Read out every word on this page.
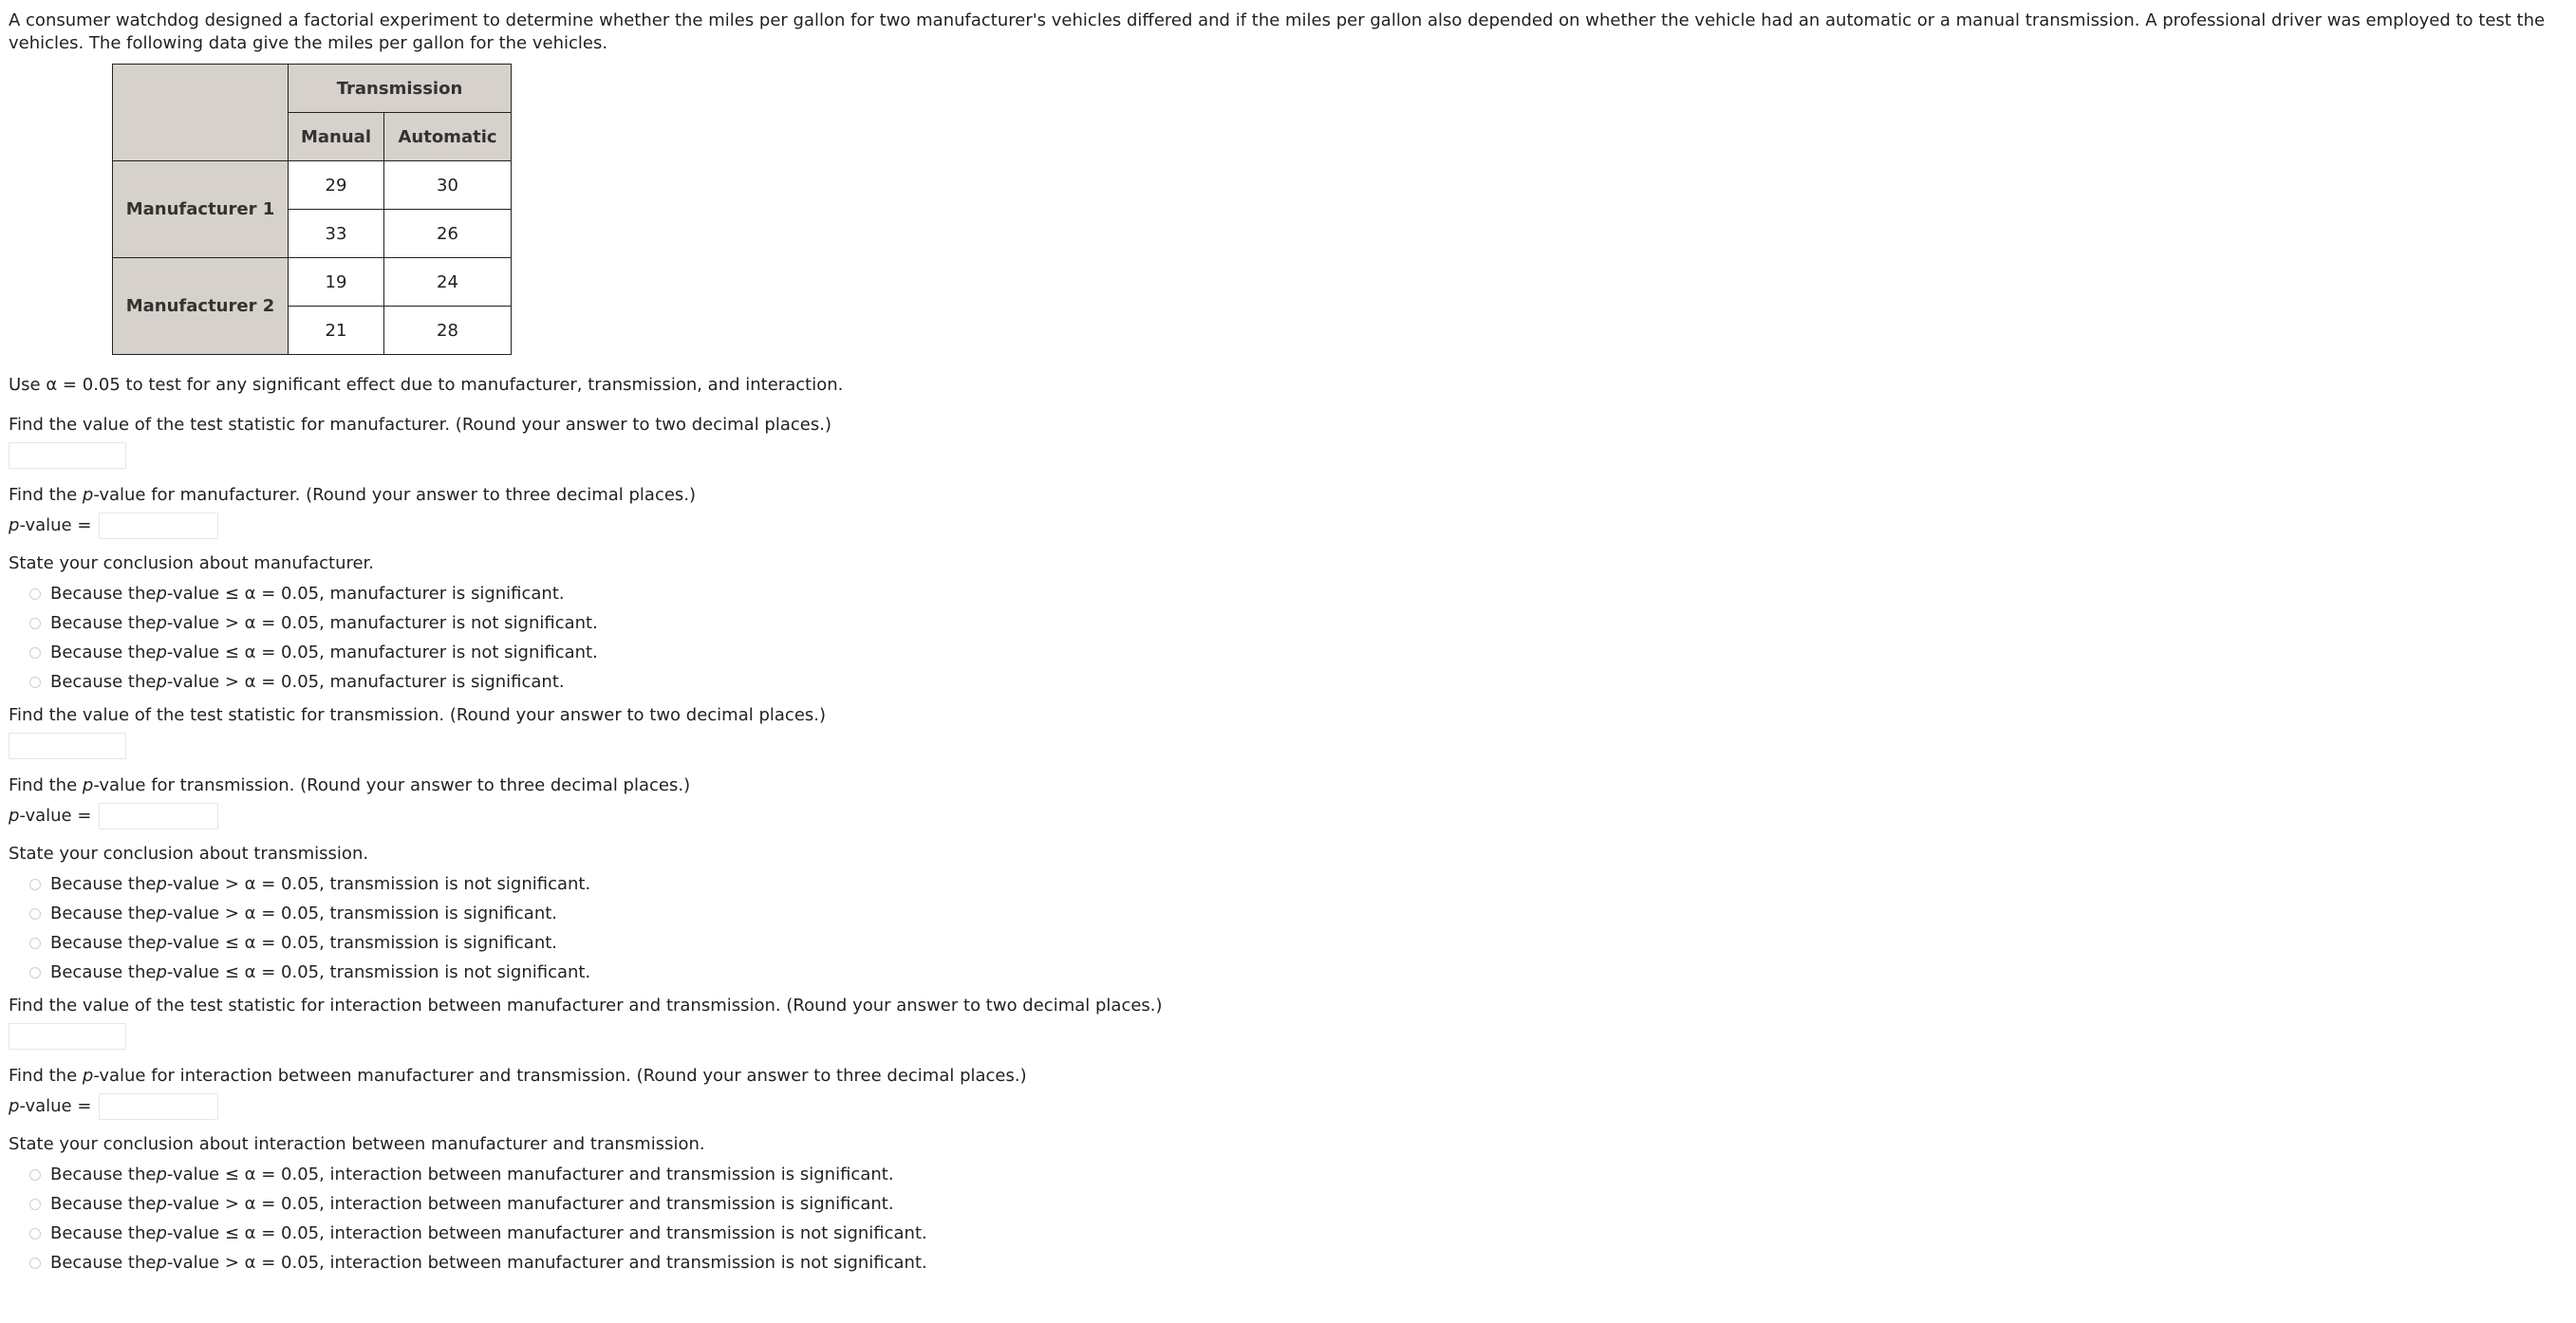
A consumer watchdog designed a factorial experiment to determine whether the miles per gallon for two manufacturer's vehicles differed and if the miles per gallon also depended on whether the vehicle had an automatic or a manual transmission. A professional driver was employed to test the vehicles. The following data give the miles per gallon for the vehicles.

	Transmission	
	Manual	Automatic
Manufacturer 1	29	30
	33	26
Manufacturer 2	19	24
	21	28

Use α = 0.05 to test for any significant effect due to manufacturer, transmission, and interaction.

Find the value of the test statistic for manufacturer. (Round your answer to two decimal places.)

Find the p-value for manufacturer. (Round your answer to three decimal places.)

p-value =

State your conclusion about manufacturer.

Because the p -value ≤ α = 0.05, manufacturer is significant.
Because the p -value > α = 0.05, manufacturer is not significant.
Because the p -value ≤ α = 0.05, manufacturer is not significant.
Because the p -value > α = 0.05, manufacturer is significant.

Find the value of the test statistic for transmission. (Round your answer to two decimal places.)

Find the p-value for transmission. (Round your answer to three decimal places.)

p-value =

State your conclusion about transmission.

Because the p -value > α = 0.05, transmission is not significant.
Because the p -value > α = 0.05, transmission is significant.
Because the p -value ≤ α = 0.05, transmission is significant.
Because the p -value ≤ α = 0.05, transmission is not significant.

Find the value of the test statistic for interaction between manufacturer and transmission. (Round your answer to two decimal places.)

Find the p-value for interaction between manufacturer and transmission. (Round your answer to three decimal places.)

p-value =

State your conclusion about interaction between manufacturer and transmission.

Because the p -value ≤ α = 0.05, interaction between manufacturer and transmission is significant.
Because the p -value > α = 0.05, interaction between manufacturer and transmission is significant.
Because the p -value ≤ α = 0.05, interaction between manufacturer and transmission is not significant.
Because the p -value > α = 0.05, interaction between manufacturer and transmission is not significant.
